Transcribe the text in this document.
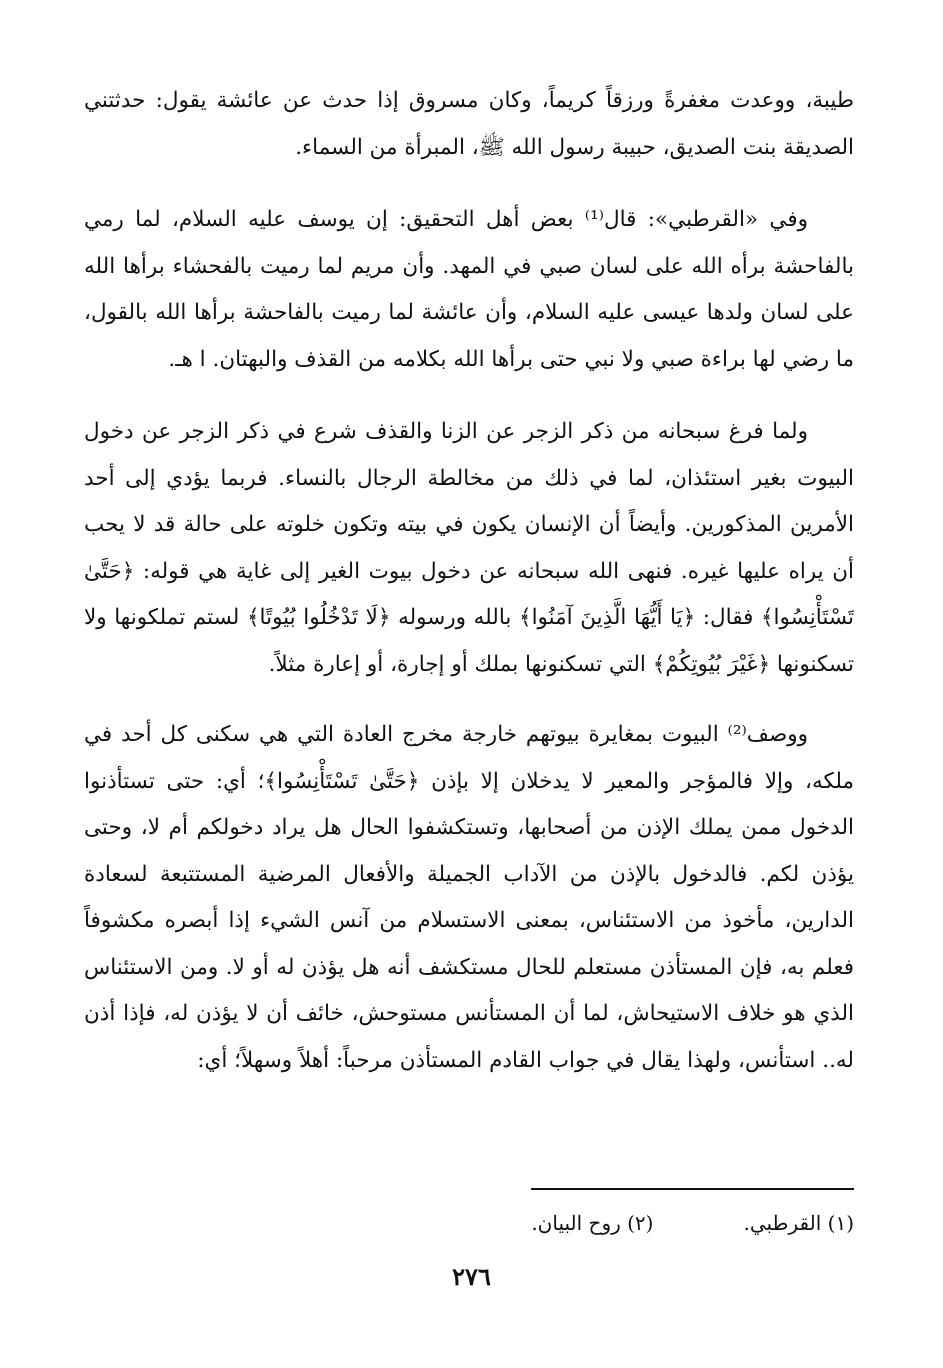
طيبة، ووعدت مغفرةً ورزقاً كريماً، وكان مسروق إذا حدث عن عائشة يقول: حدثتني الصديقة بنت الصديق، حبيبة رسول الله ﷺ، المبرأة من السماء.

وفي «القرطبي»: قال⁽¹⁾ بعض أهل التحقيق: إن يوسف عليه السلام، لما رمي بالفاحشة برأه الله على لسان صبي في المهد. وأن مريم لما رميت بالفحشاء برأها الله على لسان ولدها عيسى عليه السلام، وأن عائشة لما رميت بالفاحشة برأها الله بالقول، ما رضي لها براءة صبي ولا نبي حتى برأها الله بكلامه من القذف والبهتان. ا هـ.

ولما فرغ سبحانه من ذكر الزجر عن الزنا والقذف شرع في ذكر الزجر عن دخول البيوت بغير استئذان، لما في ذلك من مخالطة الرجال بالنساء. فربما يؤدي إلى أحد الأمرين المذكورين. وأيضاً أن الإنسان يكون في بيته وتكون خلوته على حالة قد لا يحب أن يراه عليها غيره. فنهى الله سبحانه عن دخول بيوت الغير إلى غاية هي قوله: ﴿حَتَّىٰ تَسْتَأْنِسُوا﴾ فقال: ﴿يَا أَيُّهَا الَّذِينَ آمَنُوا﴾ بالله ورسوله ﴿لَا تَدْخُلُوا بُيُوتًا﴾ لستم تملكونها ولا تسكنونها ﴿غَيْرَ بُيُوتِكُمْ﴾ التي تسكنونها بملك أو إجارة، أو إعارة مثلاً.

ووصف⁽²⁾ البيوت بمغايرة بيوتهم خارجة مخرج العادة التي هي سكنى كل أحد في ملكه، وإلا فالمؤجر والمعير لا يدخلان إلا بإذن ﴿حَتَّىٰ تَسْتَأْنِسُوا﴾؛ أي: حتى تستأذنوا الدخول ممن يملك الإذن من أصحابها، وتستكشفوا الحال هل يراد دخولكم أم لا، وحتى يؤذن لكم. فالدخول بالإذن من الآداب الجميلة والأفعال المرضية المستتبعة لسعادة الدارين، مأخوذ من الاستئناس، بمعنى الاستسلام من آنس الشيء إذا أبصره مكشوفاً فعلم به، فإن المستأذن مستعلم للحال مستكشف أنه هل يؤذن له أو لا. ومن الاستئناس الذي هو خلاف الاستيحاش، لما أن المستأنس مستوحش، خائف أن لا يؤذن له، فإذا أذن له.. استأنس، ولهذا يقال في جواب القادم المستأذن مرحباً: أهلاً وسهلاً؛ أي:

(١) القرطبي.
(٢) روح البيان.
٢٧٦
